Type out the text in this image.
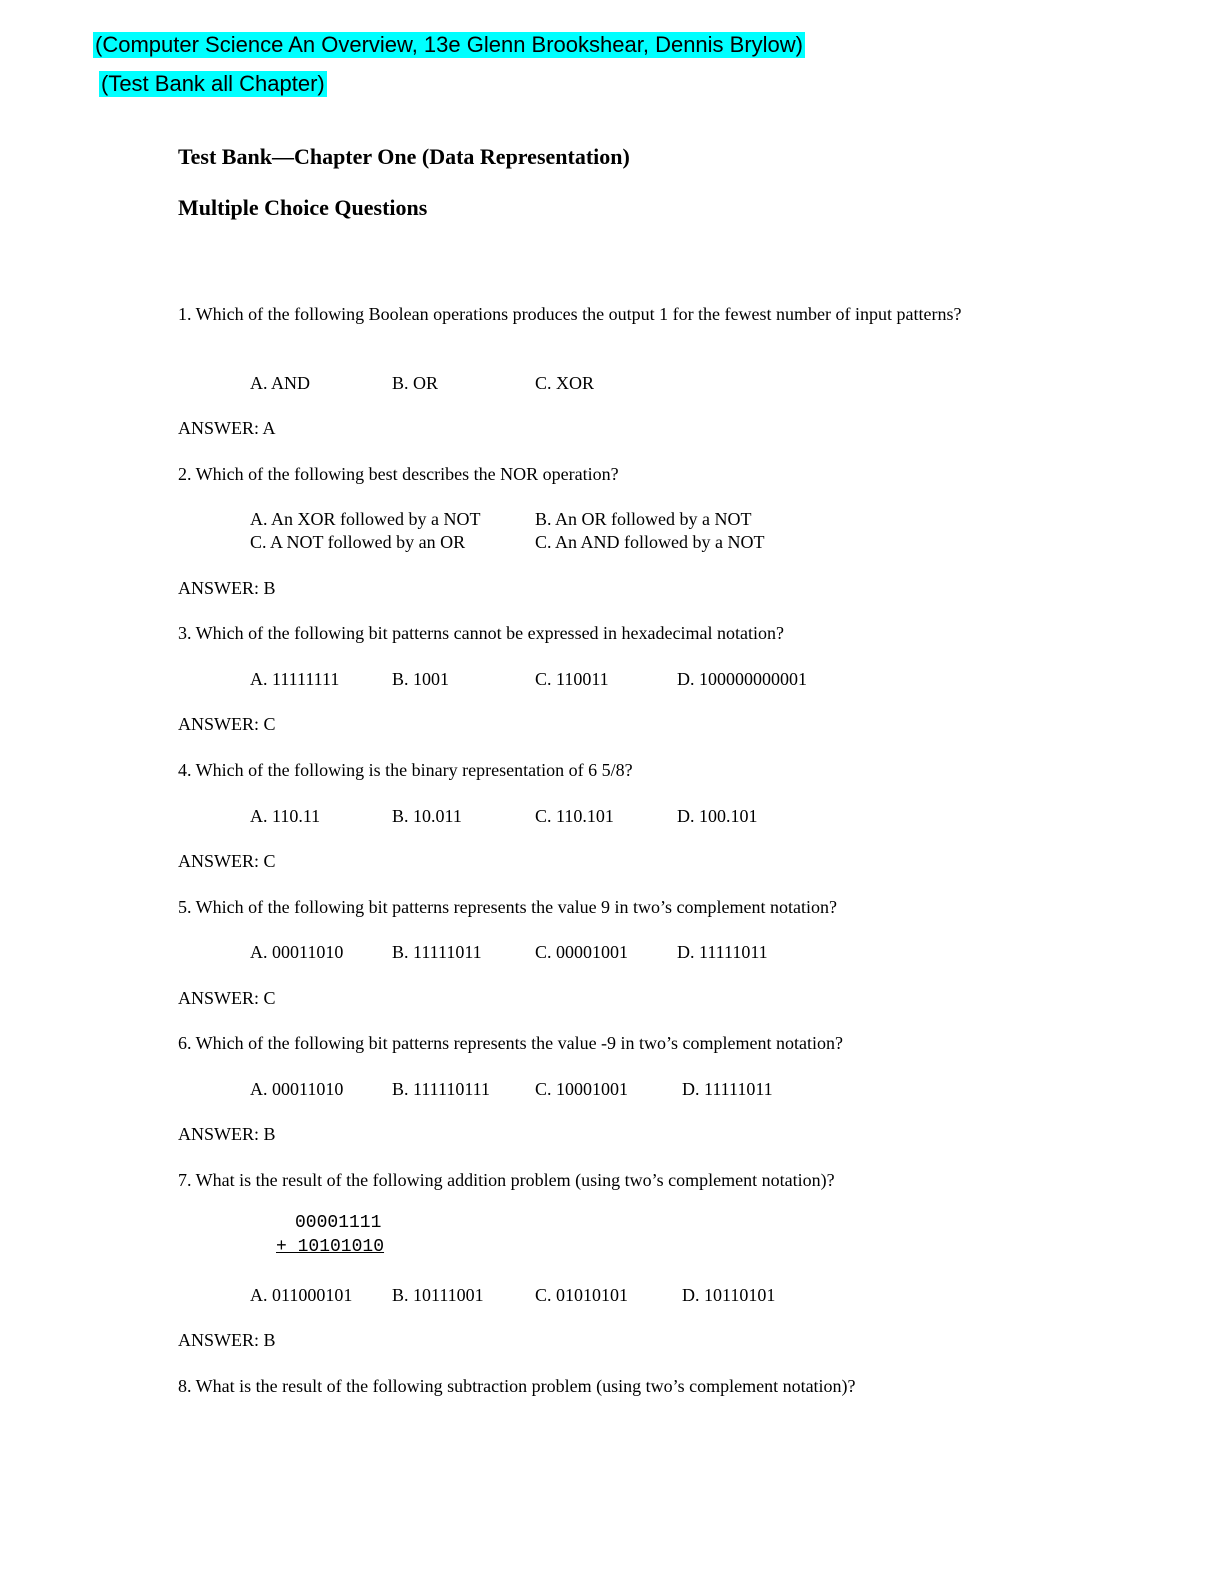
(Computer Science An Overview, 13e Glenn Brookshear, Dennis Brylow)
(Test Bank all Chapter)
Test Bank—Chapter One (Data Representation)
Multiple Choice Questions
1. Which of the following Boolean operations produces the output 1 for the fewest number of input patterns?
A. AND	B. OR	C. XOR
ANSWER: A
2. Which of the following best describes the NOR operation?
A. An XOR followed by a NOT	B. An OR followed by a NOT
C. A NOT followed by an OR	C. An AND followed by a NOT
ANSWER: B
3. Which of the following bit patterns cannot be expressed in hexadecimal notation?
A. 11111111	B. 1001	C. 110011	D. 100000000001
ANSWER: C
4. Which of the following is the binary representation of 6 5/8?
A. 110.11	B. 10.011	C. 110.101	D. 100.101
ANSWER: C
5. Which of the following bit patterns represents the value 9 in two’s complement notation?
A. 00011010	B. 11111011	C. 00001001	D. 11111011
ANSWER: C
6. Which of the following bit patterns represents the value -9 in two’s complement notation?
A. 00011010	B. 111110111	C. 10001001	D. 11111011
ANSWER: B
7. What is the result of the following addition problem (using two’s complement notation)?
00001111
+ 10101010
A. 011000101 B. 10111001	C. 01010101	D. 10110101
ANSWER: B
8. What is the result of the following subtraction problem (using two’s complement notation)?
